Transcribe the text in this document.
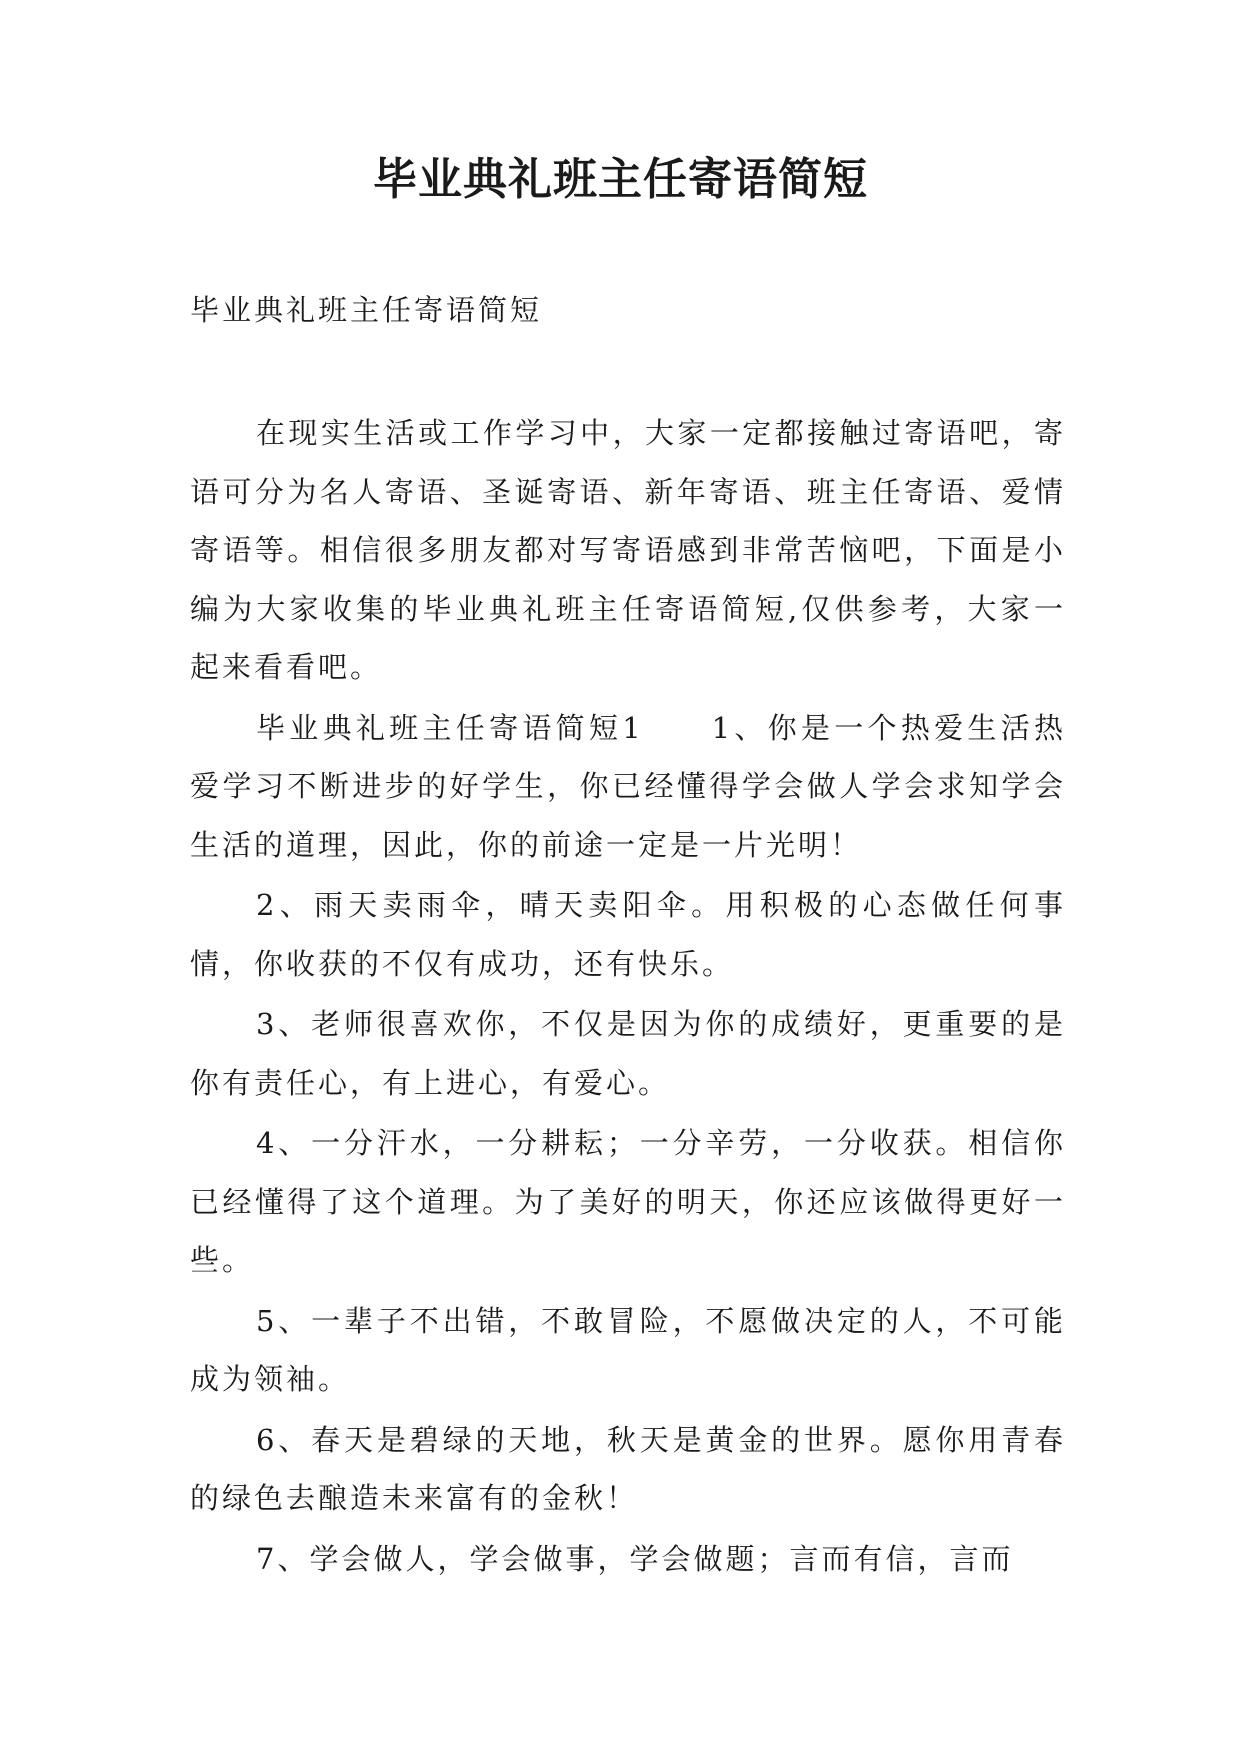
毕业典礼班主任寄语简短

毕业典礼班主任寄语简短

在现实生活或工作学习中，大家一定都接触过寄语吧，寄语可分为名人寄语、圣诞寄语、新年寄语、班主任寄语、爱情寄语等。相信很多朋友都对写寄语感到非常苦恼吧，下面是小编为大家收集的毕业典礼班主任寄语简短,仅供参考，大家一起来看看吧。

毕业典礼班主任寄语简短1　　1、你是一个热爱生活热爱学习不断进步的好学生，你已经懂得学会做人学会求知学会生活的道理，因此，你的前途一定是一片光明！

2、雨天卖雨伞，晴天卖阳伞。用积极的心态做任何事情，你收获的不仅有成功，还有快乐。

3、老师很喜欢你，不仅是因为你的成绩好，更重要的是你有责任心，有上进心，有爱心。

4、一分汗水，一分耕耘；一分辛劳，一分收获。相信你已经懂得了这个道理。为了美好的明天，你还应该做得更好一些。

5、一辈子不出错，不敢冒险，不愿做决定的人，不可能成为领袖。

6、春天是碧绿的天地，秋天是黄金的世界。愿你用青春的绿色去酿造未来富有的金秋！

7、学会做人，学会做事，学会做题；言而有信，言而
